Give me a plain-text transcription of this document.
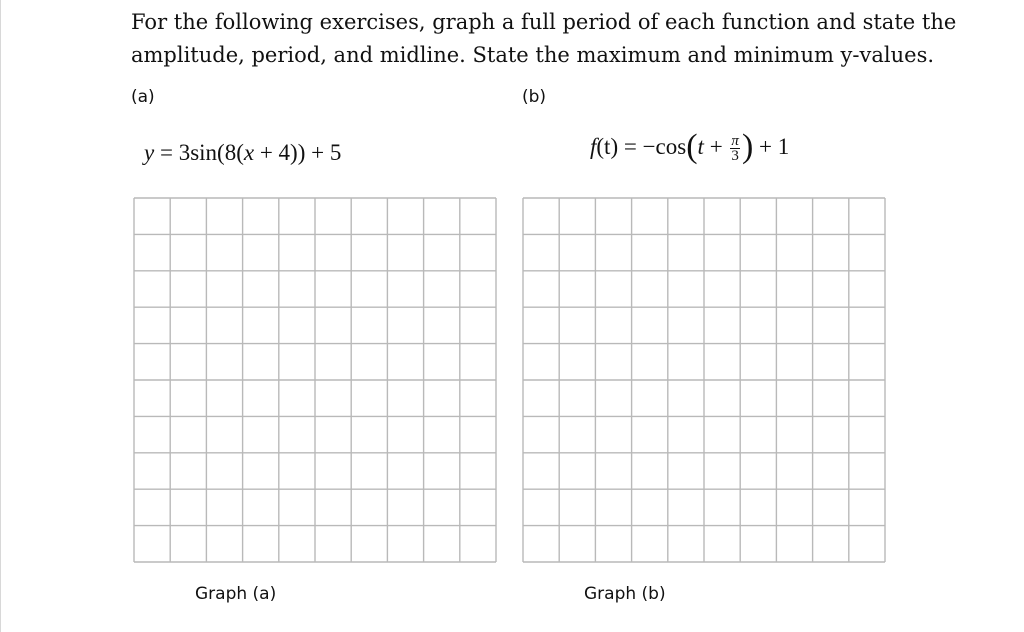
For the following exercises, graph a full period of each function and state the
amplitude, period, and midline. State the maximum and minimum y-values.
(a)	(b)
y = 3sin(8(x + 4)) + 5	$f(t) = -\cos(t + \frac{\pi}{3}$ ) + 1
Graph (a)	Graph (b)
